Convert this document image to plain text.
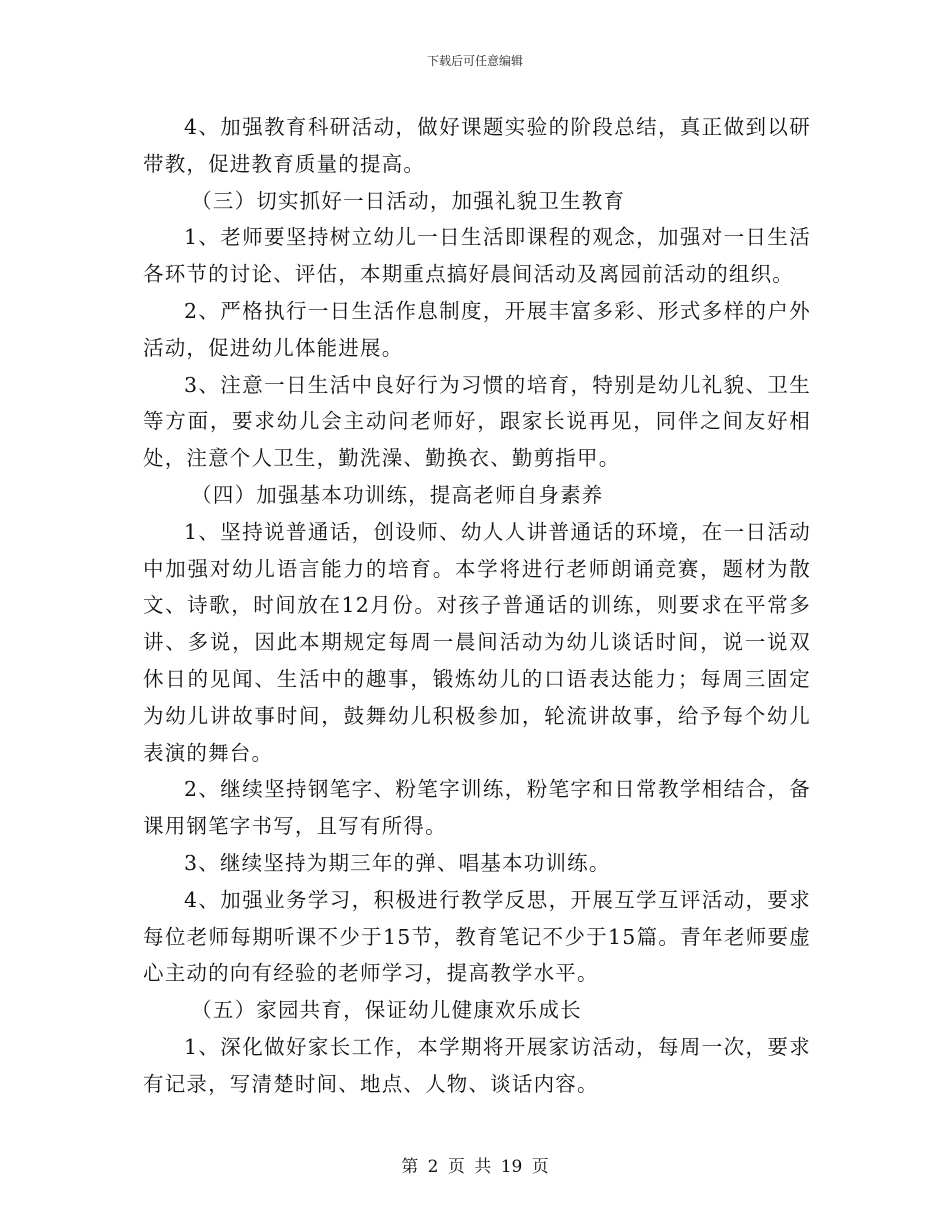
下载后可任意编辑

4、加强教育科研活动，做好课题实验的阶段总结，真正做到以研带教，促进教育质量的提高。

（三）切实抓好一日活动，加强礼貌卫生教育

1、老师要坚持树立幼儿一日生活即课程的观念，加强对一日生活各环节的讨论、评估，本期重点搞好晨间活动及离园前活动的组织。

2、严格执行一日生活作息制度，开展丰富多彩、形式多样的户外活动，促进幼儿体能进展。

3、注意一日生活中良好行为习惯的培育，特别是幼儿礼貌、卫生等方面，要求幼儿会主动问老师好，跟家长说再见，同伴之间友好相处，注意个人卫生，勤洗澡、勤换衣、勤剪指甲。

（四）加强基本功训练，提高老师自身素养

1、坚持说普通话，创设师、幼人人讲普通话的环境，在一日活动中加强对幼儿语言能力的培育。本学将进行老师朗诵竞赛，题材为散文、诗歌，时间放在12月份。对孩子普通话的训练，则要求在平常多讲、多说，因此本期规定每周一晨间活动为幼儿谈话时间，说一说双休日的见闻、生活中的趣事，锻炼幼儿的口语表达能力；每周三固定为幼儿讲故事时间，鼓舞幼儿积极参加，轮流讲故事，给予每个幼儿表演的舞台。

2、继续坚持钢笔字、粉笔字训练，粉笔字和日常教学相结合，备课用钢笔字书写，且写有所得。

3、继续坚持为期三年的弹、唱基本功训练。

4、加强业务学习，积极进行教学反思，开展互学互评活动，要求每位老师每期听课不少于15节，教育笔记不少于15篇。青年老师要虚心主动的向有经验的老师学习，提高教学水平。

（五）家园共育，保证幼儿健康欢乐成长

1、深化做好家长工作，本学期将开展家访活动，每周一次，要求有记录，写清楚时间、地点、人物、谈话内容。

第 2 页 共 19 页
